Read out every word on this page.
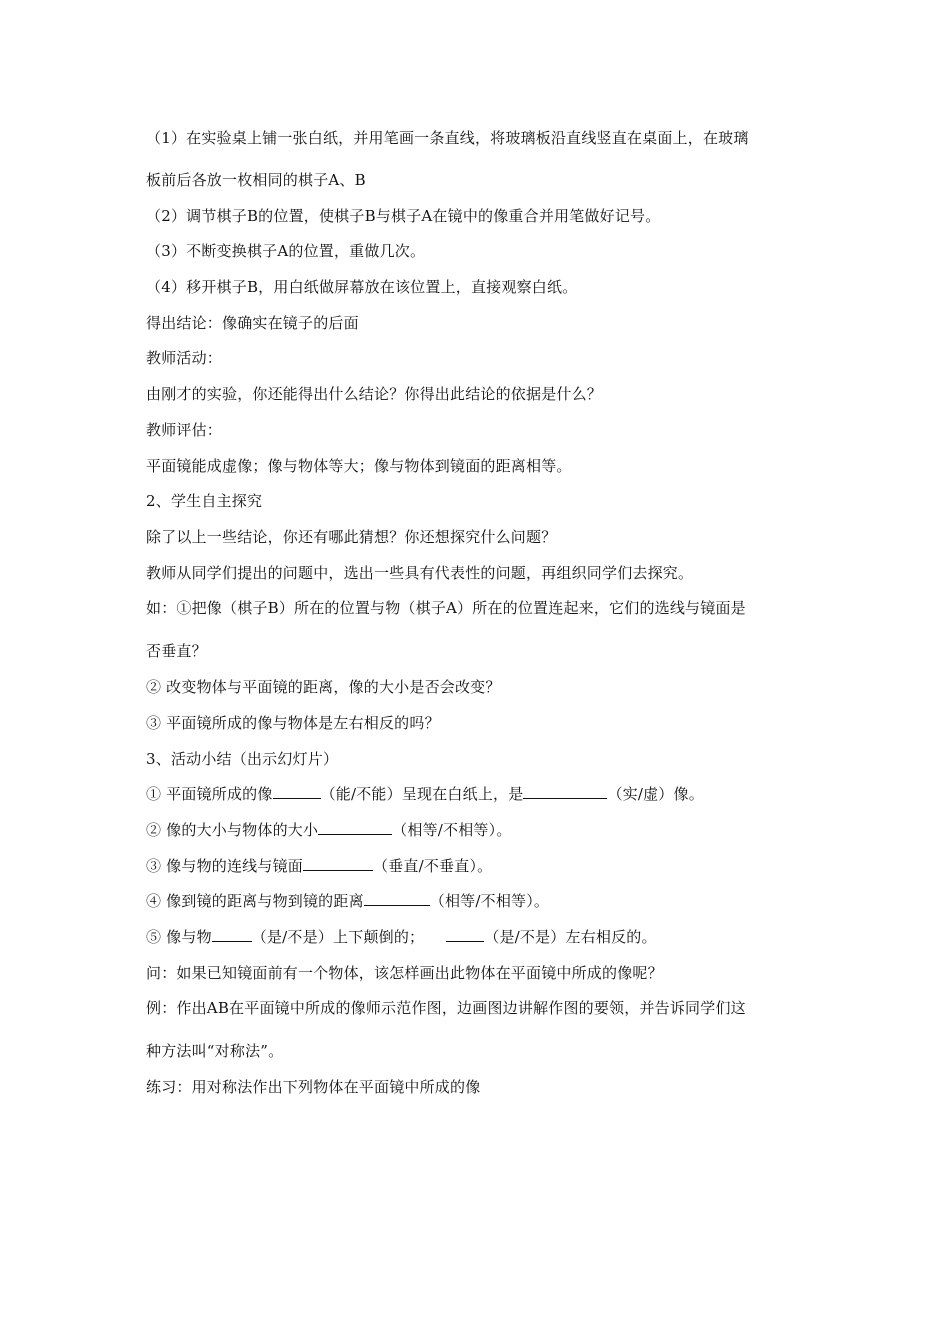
（1）在实验桌上铺一张白纸，并用笔画一条直线，将玻璃板沿直线竖直在桌面上，在玻璃
板前后各放一枚相同的棋子A、B
（2）调节棋子B的位置，使棋子B与棋子A在镜中的像重合并用笔做好记号。
（3）不断变换棋子A的位置，重做几次。
（4）移开棋子B，用白纸做屏幕放在该位置上，直接观察白纸。
得出结论：像确实在镜子的后面
教师活动：
由刚才的实验，你还能得出什么结论？你得出此结论的依据是什么？
教师评估：
平面镜能成虚像；像与物体等大；像与物体到镜面的距离相等。
2、学生自主探究
除了以上一些结论，你还有哪此猜想？你还想探究什么问题？
教师从同学们提出的问题中，选出一些具有代表性的问题，再组织同学们去探究。
如：①把像（棋子B）所在的位置与物（棋子A）所在的位置连起来，它们的选线与镜面是
否垂直？
② 改变物体与平面镜的距离，像的大小是否会改变？
③ 平面镜所成的像与物体是左右相反的吗？
3、活动小结（出示幻灯片）
① 平面镜所成的像	（能/不能）呈现在白纸上，是	（实/虚）像。
② 像的大小与物体的大小	（相等/不相等）。
③ 像与物的连线与镜面	（垂直/不垂直）。
④ 像到镜的距离与物到镜的距离	（相等/不相等）。
⑤ 像与物	（是/不是）上下颠倒的；	（是/不是）左右相反的。
问：如果已知镜面前有一个物体，该怎样画出此物体在平面镜中所成的像呢？
例：作出AB在平面镜中所成的像师示范作图，边画图边讲解作图的要领，并告诉同学们这
种方法叫“对称法”。
练习：用对称法作出下列物体在平面镜中所成的像
